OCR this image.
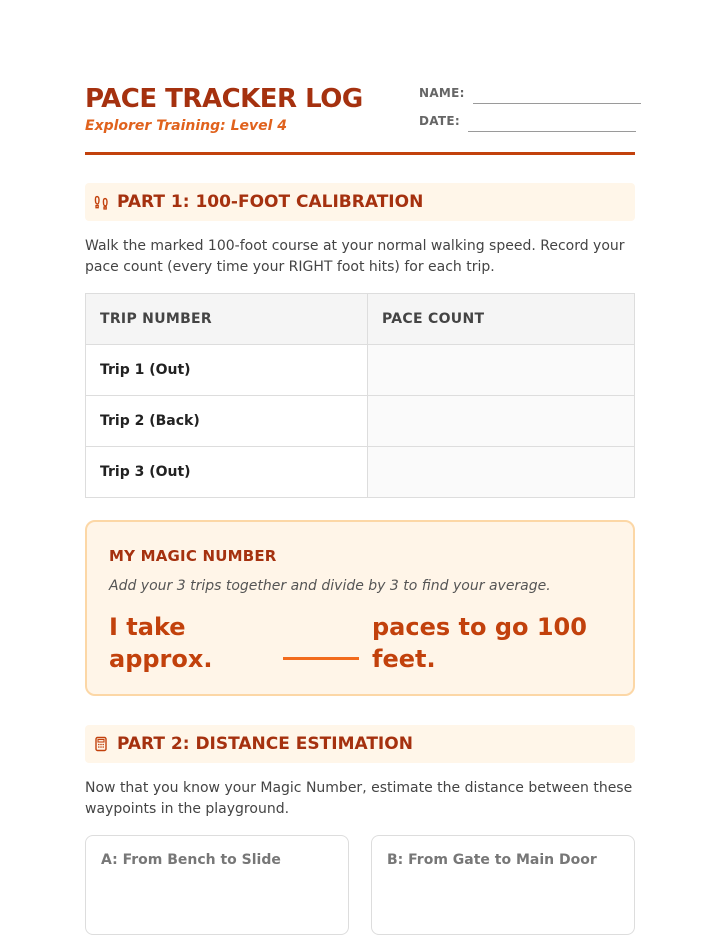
PACE TRACKER LOG

Explorer Training: Level 4

NAME:
DATE:
PART 1: 100-FOOT CALIBRATION

Walk the marked 100-foot course at your normal walking speed. Record your pace count (every time your RIGHT foot hits) for each trip.

TRIP NUMBER	PACE COUNT
Trip 1 (Out)	
Trip 2 (Back)	
Trip 3 (Out)	

MY MAGIC NUMBER

Add your 3 trips together and divide by 3 to find your average.

I take approx.

paces to go 100 feet.

PART 2: DISTANCE ESTIMATION

Now that you know your Magic Number, estimate the distance between these waypoints in the playground.

A: From Bench to Slide	B: From Gate to Main Door
